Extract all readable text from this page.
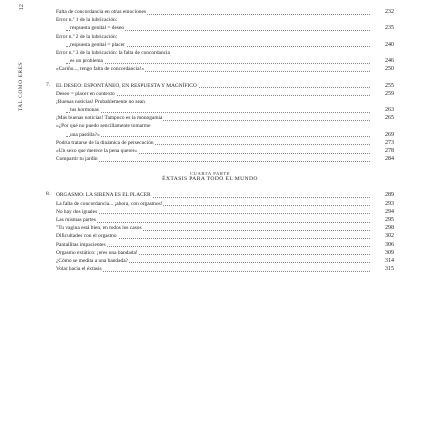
12
TAL COMO ERES
Falta de concordancia en otras emociones	232
Error n.º 1 de la lubricación:
respuesta genital = deseo	235
Error n.º 2 de la lubricación:
respuesta genital = placer	240
Error n.º 3 de la lubricación: la falta de concordancia
es un problema	246
«Cariño..., tengo falta de concordancia!»	250
7. EL DESEO: ESPONTÁNEO, EN RESPUESTA Y MAGNÍFICO	255
Deseo = placer en contexto	259
¡Buenas noticias! Probablemente no sean
tus hormonas	263
¡Más buenas noticias! Tampoco es la monogamia	265
«¿Por qué no puedo sencillamente tomarme
una pastilla?»	269
Podría tratarse de la dinámica de persecución	273
«Un sexo que merece la pena querer»	278
Compartir tu jardín	284
CUARTA PARTE
ÉXTASIS PARA TODO EL MUNDO
8. ORGASMO: LA SIRENA ES EL PLACER	289
La falta de concordancia... ¡ahora, con orgasmos!	293
No hay dos iguales	294
Las mismas partes	295
"Tu vagina está bien, en todos los casos	298
Dificultades con el orgasmo	302
Pantallitas impacientes	306
Orgasmo extático: ¡eres una bandada!	309
¿Cómo se medita a una bandada?	314
Volar hacia el éxtasis	315
